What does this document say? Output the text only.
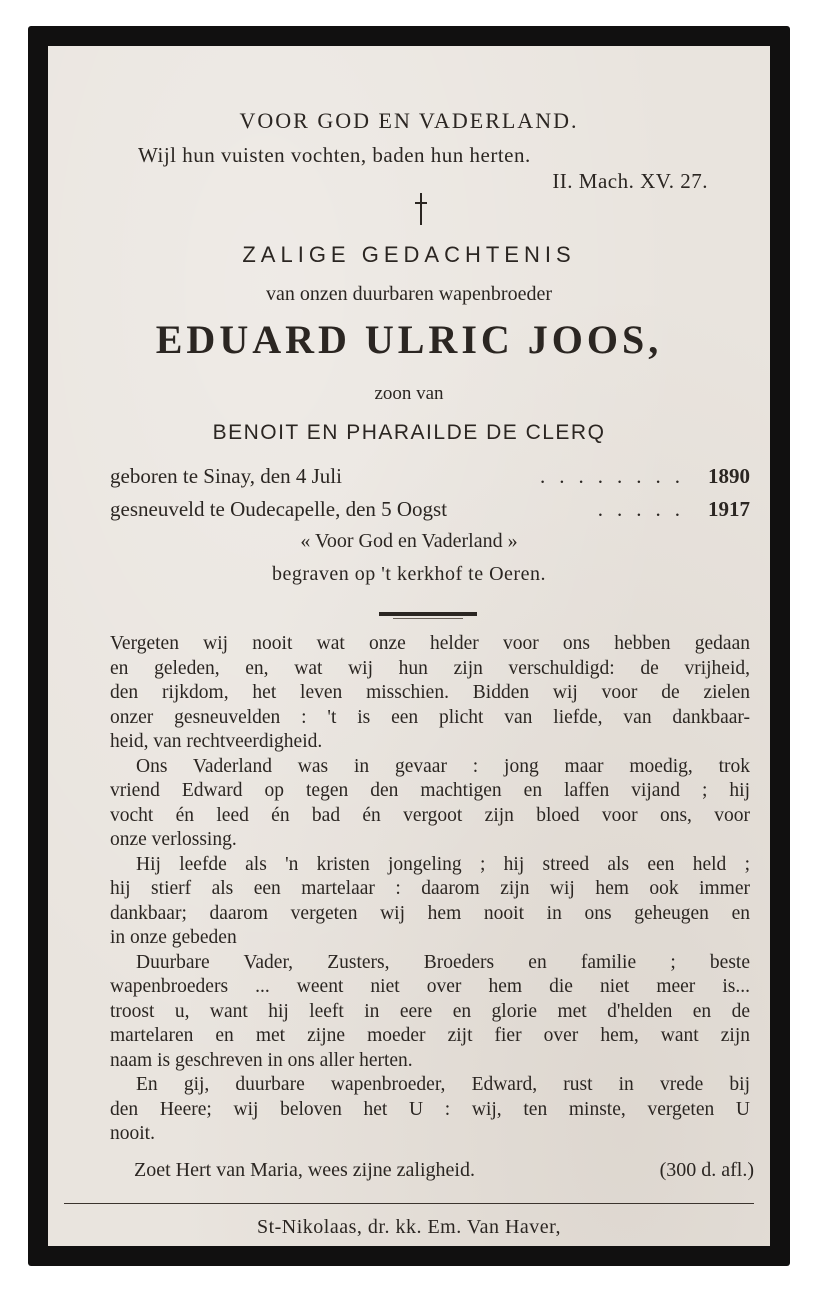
VOOR GOD EN VADERLAND.
Wijl hun vuisten vochten, baden hun herten.
II. Mach. XV. 27.
ZALIGE GEDACHTENIS
van onzen duurbaren wapenbroeder
EDUARD ULRIC JOOS,
zoon van
BENOIT EN PHARAILDE DE CLERQ
geboren te Sinay, den 4 Juli	........ 1890
gesneuveld te Oudecapelle, den 5 Oogst	..... 1917
« Voor God en Vaderland »
begraven op 't kerkhof te Oeren.
Vergeten wij nooit wat onze helder voor ons hebben gedaan
en geleden, en, wat wij hun zijn verschuldigd: de vrijheid,
den rijkdom, het leven misschien. Bidden wij voor de zielen
onzer gesneuvelden : 't is een plicht van liefde, van dankbaar-
heid, van rechtveerdigheid.
Ons Vaderland was in gevaar : jong maar moedig, trok
vriend Edward op tegen den machtigen en laffen vijand ; hij
vocht én leed én bad én vergoot zijn bloed voor ons, voor
onze verlossing.
Hij leefde als 'n kristen jongeling ; hij streed als een held ;
hij stierf als een martelaar : daarom zijn wij hem ook immer
dankbaar; daarom vergeten wij hem nooit in ons geheugen en
in onze gebeden
Duurbare Vader, Zusters, Broeders en familie ; beste
wapenbroeders ... weent niet over hem die niet meer is...
troost u, want hij leeft in eere en glorie met d'helden en de
martelaren en met zijne moeder zijt fier over hem, want zijn
naam is geschreven in ons aller herten.
En gij, duurbare wapenbroeder, Edward, rust in vrede bij
den Heere; wij beloven het U : wij, ten minste, vergeten U
nooit.
Zoet Hert van Maria, wees zijne zaligheid.	(300 d. afl.)
St-Nikolaas, dr. kk. Em. Van Haver,
